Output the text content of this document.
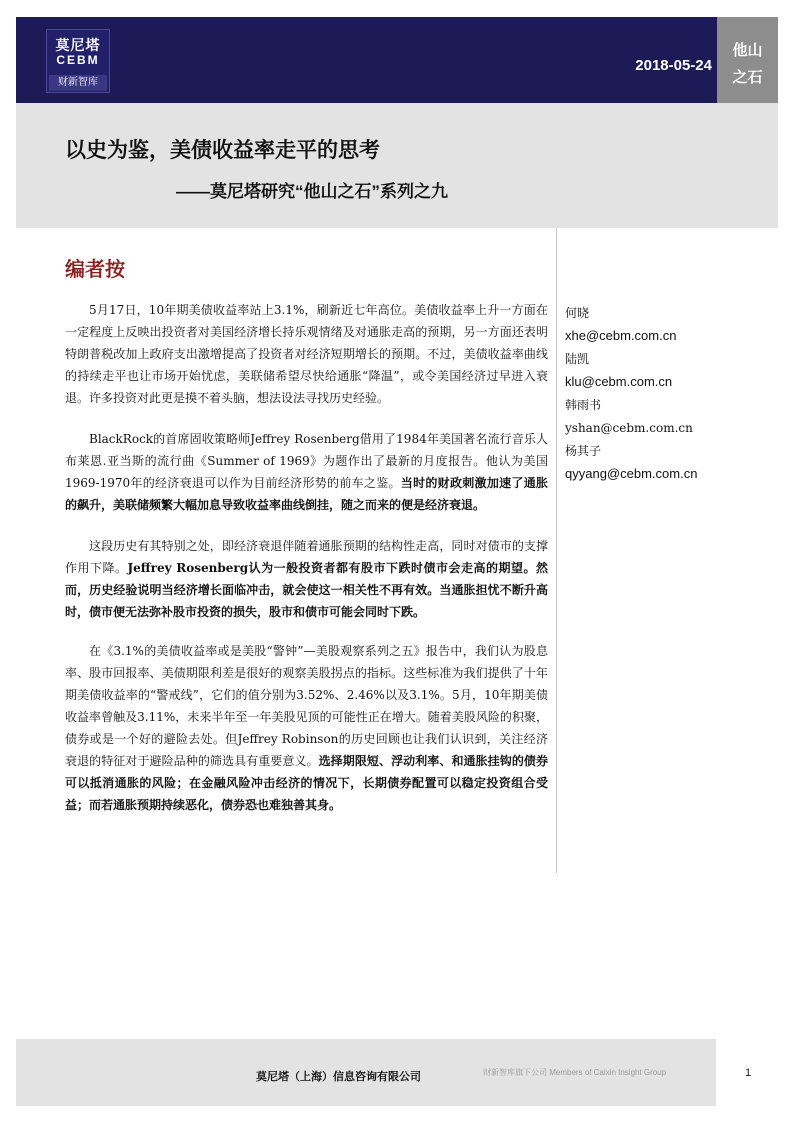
莫尼塔
CEBM
财新智库
2018-05-24
他山
之石
以史为鉴，美债收益率走平的思考
——莫尼塔研究“他山之石”系列之九
编者按

5月17日，10年期美债收益率站上3.1%，刷新近七年高位。美债收益率上升一方面在一定程度上反映出投资者对美国经济增长持乐观情绪及对通胀走高的预期，另一方面还表明特朗普税改加上政府支出激增提高了投资者对经济短期增长的预期。不过，美债收益率曲线的持续走平也让市场开始忧虑，美联储希望尽快给通胀“降温”，或令美国经济过早进入衰退。许多投资对此更是摸不着头脑，想法设法寻找历史经验。

BlackRock的首席固收策略师Jeffrey Rosenberg借用了1984年美国著名流行音乐人布莱恩.亚当斯的流行曲《Summer of 1969》为题作出了最新的月度报告。他认为美国1969-1970年的经济衰退可以作为目前经济形势的前车之鉴。当时的财政刺激加速了通胀的飙升，美联储频繁大幅加息导致收益率曲线倒挂，随之而来的便是经济衰退。

这段历史有其特别之处，即经济衰退伴随着通胀预期的结构性走高，同时对债市的支撑作用下降。Jeffrey Rosenberg认为一般投资者都有股市下跌时债市会走高的期望。然而，历史经验说明当经济增长面临冲击，就会使这一相关性不再有效。当通胀担忧不断升高时，债市便无法弥补股市投资的损失，股市和债市可能会同时下跌。

在《3.1%的美债收益率或是美股“警钟”—美股观察系列之五》报告中，我们认为股息率、股市回报率、美债期限利差是很好的观察美股拐点的指标。这些标准为我们提供了十年期美债收益率的“警戒线”，它们的值分别为3.52%、2.46%以及3.1%。5月，10年期美债收益率曾触及3.11%，未来半年至一年美股见顶的可能性正在增大。随着美股风险的积聚，债券或是一个好的避险去处。但Jeffrey Robinson的历史回顾也让我们认识到，关注经济衰退的特征对于避险品种的筛选具有重要意义。选择期限短、浮动利率、和通胀挂钩的债券可以抵消通胀的风险；在金融风险冲击经济的情况下，长期债券配置可以稳定投资组合受益；而若通胀预期持续恶化，债券恐也难独善其身。

何晓
xhe@cebm.com.cn
陆凯
klu@cebm.com.cn
韩雨书
yshan@cebm.com.cn
杨其子
qyyang@cebm.com.cn
莫尼塔（上海）信息咨询有限公司	财新智库旗下公司 Members of Caixin Insight Group	1
